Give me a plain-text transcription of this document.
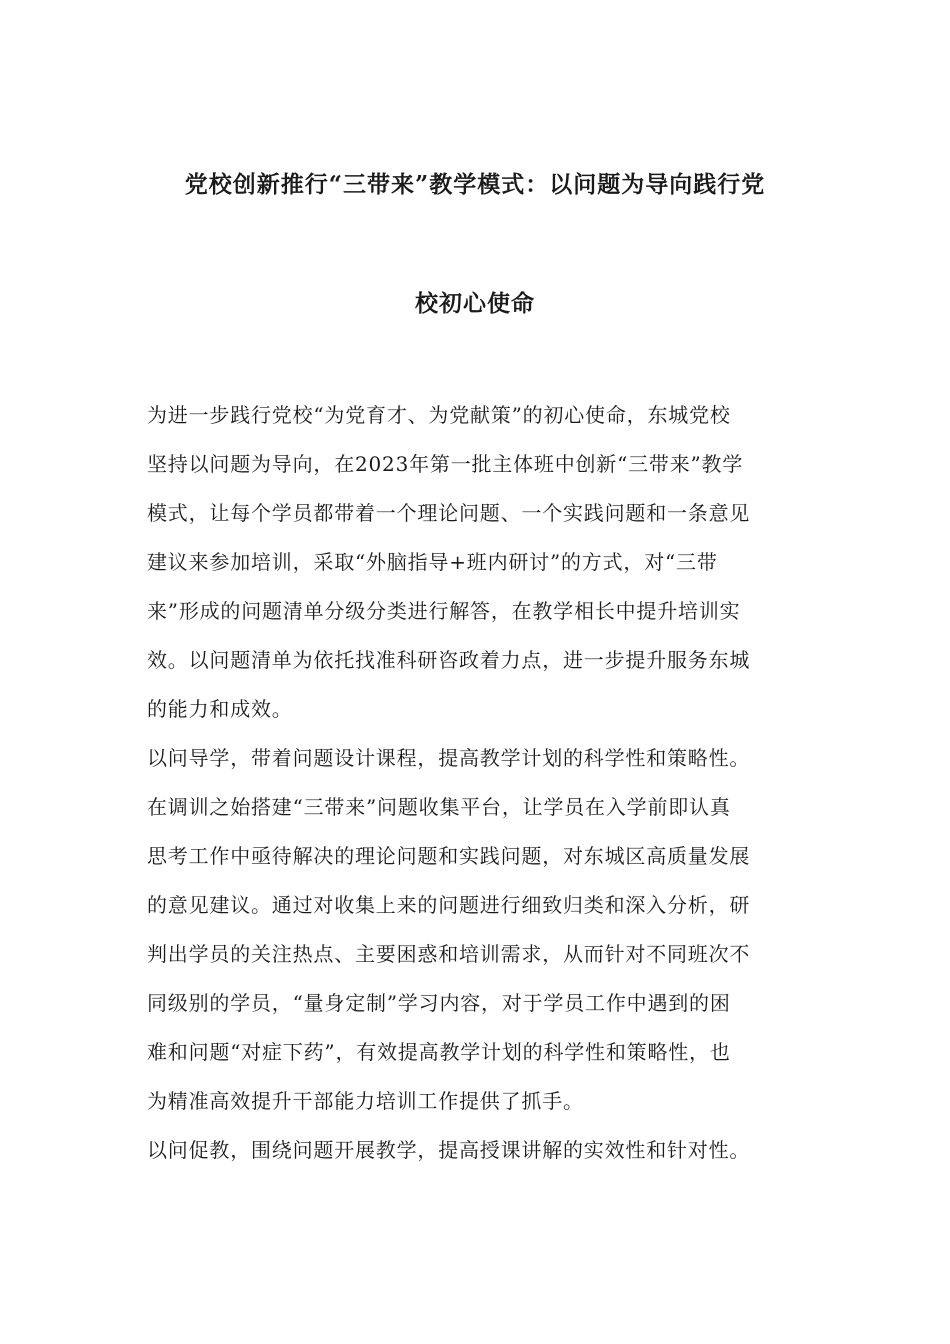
党校创新推行“三带来”教学模式：以问题为导向践行党
校初心使命
为进一步践行党校“为党育才、为党献策”的初心使命，东城党校
坚持以问题为导向，在2023年第一批主体班中创新“三带来”教学
模式，让每个学员都带着一个理论问题、一个实践问题和一条意见
建议来参加培训，采取“外脑指导+班内研讨”的方式，对“三带
来”形成的问题清单分级分类进行解答，在教学相长中提升培训实
效。以问题清单为依托找准科研咨政着力点，进一步提升服务东城
的能力和成效。
以问导学，带着问题设计课程，提高教学计划的科学性和策略性。
在调训之始搭建“三带来”问题收集平台，让学员在入学前即认真
思考工作中亟待解决的理论问题和实践问题，对东城区高质量发展
的意见建议。通过对收集上来的问题进行细致归类和深入分析，研
判出学员的关注热点、主要困惑和培训需求，从而针对不同班次不
同级别的学员，“量身定制”学习内容，对于学员工作中遇到的困
难和问题“对症下药”，有效提高教学计划的科学性和策略性，也
为精准高效提升干部能力培训工作提供了抓手。
以问促教，围绕问题开展教学，提高授课讲解的实效性和针对性。
